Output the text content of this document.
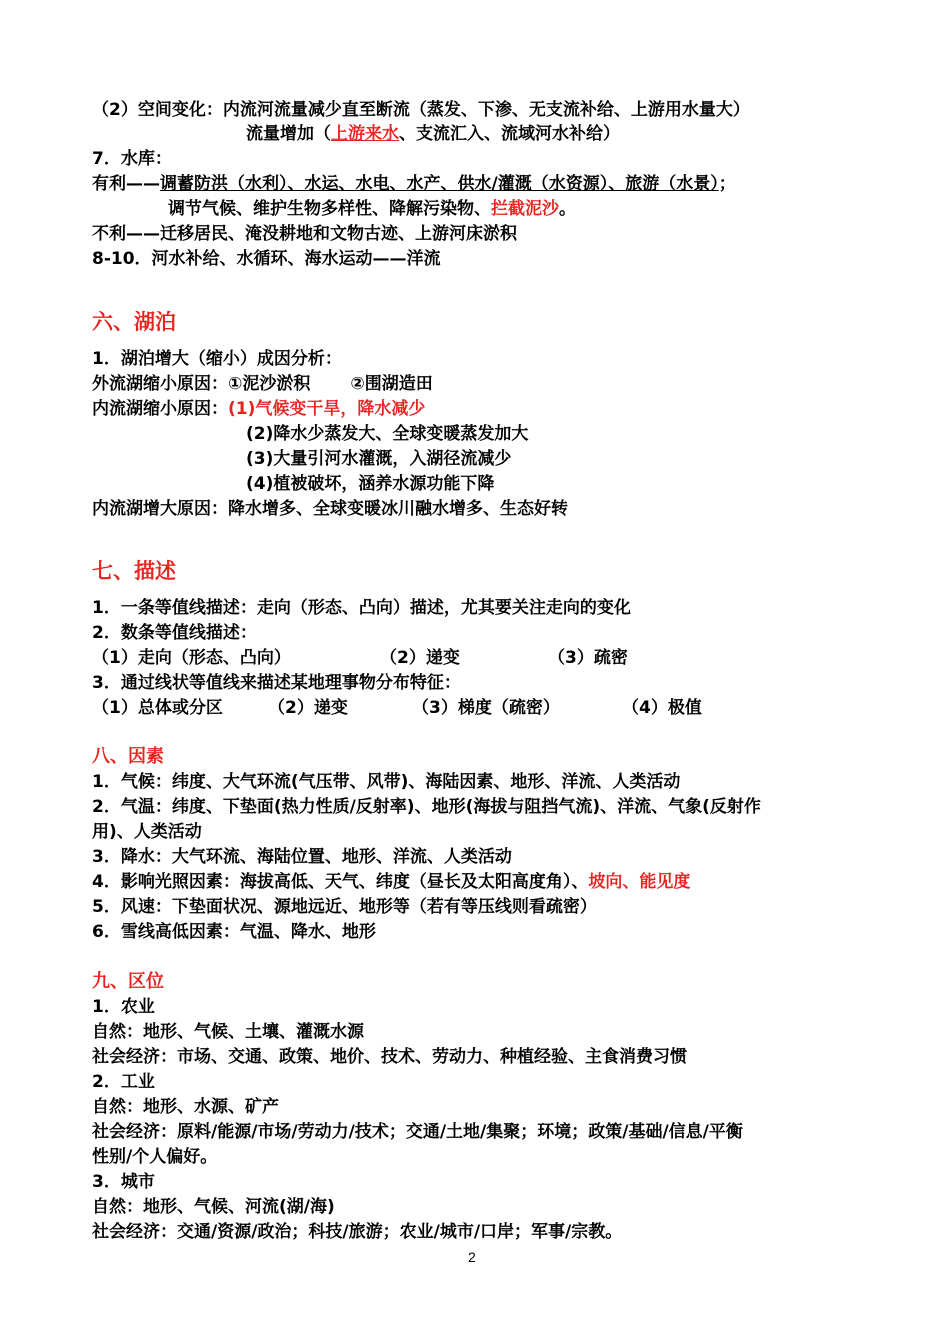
（2）空间变化：内流河流量减少直至断流（蒸发、下渗、无支流补给、上游用水量大）
流量增加（上游来水、支流汇入、流域河水补给）
7．水库：
有利——调蓄防洪（水利）、水运、水电、水产、供水/灌溉（水资源）、旅游（水景）；
调节气候、维护生物多样性、降解污染物、拦截泥沙。
不利——迁移居民、淹没耕地和文物古迹、上游河床淤积
8-10．河水补给、水循环、海水运动——洋流
六、湖泊
1．湖泊增大（缩小）成因分析：
外流湖缩小原因：①泥沙淤积 ②围湖造田
内流湖缩小原因：(1)气候变干旱，降水减少
(2)降水少蒸发大、全球变暖蒸发加大
(3)大量引河水灌溉，入湖径流减少
(4)植被破坏，涵养水源功能下降
内流湖增大原因：降水增多、全球变暖冰川融水增多、生态好转
七、描述
1．一条等值线描述：走向（形态、凸向）描述，尤其要关注走向的变化
2．数条等值线描述：
（1）走向（形态、凸向）	（2）递变	（3）疏密
3．通过线状等值线来描述某地理事物分布特征：
（1）总体或分区	（2）递变	（3）梯度（疏密）	（4）极值
八、因素
1．气候：纬度、大气环流(气压带、风带)、海陆因素、地形、洋流、人类活动
2．气温：纬度、下垫面(热力性质/反射率)、地形(海拔与阻挡气流)、洋流、气象(反射作
用)、人类活动
3．降水：大气环流、海陆位置、地形、洋流、人类活动
4．影响光照因素：海拔高低、天气、纬度（昼长及太阳高度角）、坡向、能见度
5．风速：下垫面状况、源地远近、地形等（若有等压线则看疏密）
6．雪线高低因素：气温、降水、地形
九、区位
1．农业
自然：地形、气候、土壤、灌溉水源
社会经济：市场、交通、政策、地价、技术、劳动力、种植经验、主食消费习惯
2．工业
自然：地形、水源、矿产
社会经济：原料/能源/市场/劳动力/技术；交通/土地/集聚；环境；政策/基础/信息/平衡
性别/个人偏好。
3．城市
自然：地形、气候、河流(湖/海)
社会经济：交通/资源/政治；科技/旅游；农业/城市/口岸；军事/宗教。
2
